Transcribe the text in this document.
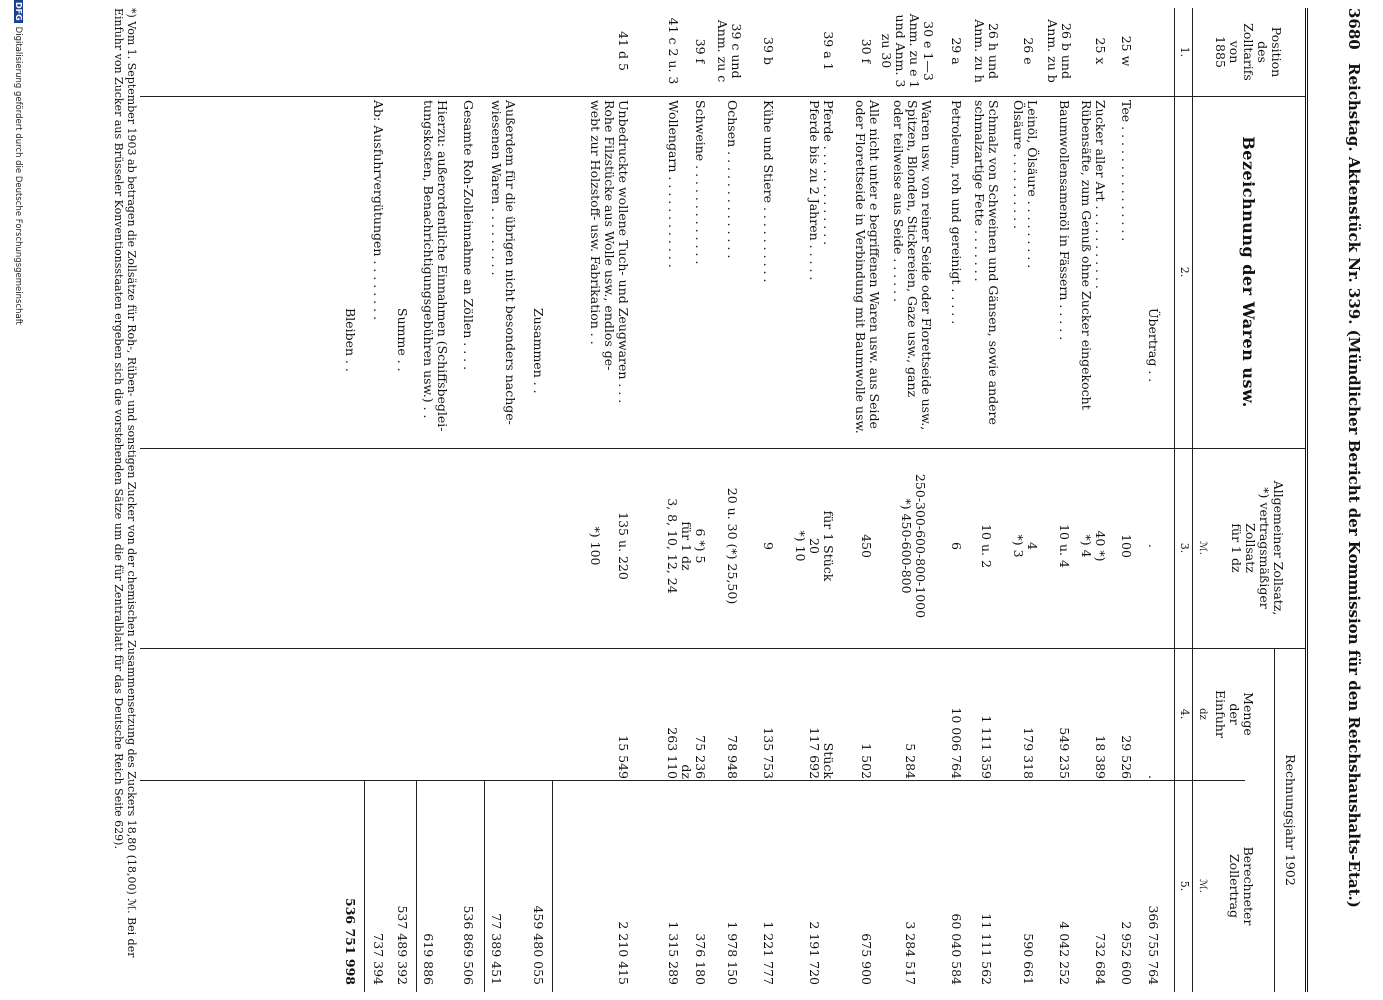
3680
Reichstag. Aktenstück Nr. 339. (Mündlicher Bericht der Kommission für den Reichshaushalts-Etat.)
Position
des
Zolltarifs
von
1885
Bezeichnung der Waren usw.
Allgemeiner Zollsatz,
*) vertragsmäßiger
Zollsatz
für 1 dz
Rechnungsjahr 1902
Menge
der
Einfuhr
Berechneter
Zollertrag
1.
2.
3.
4.
5.
ℳ.
dz
ℳ.
Übertrag . .
.
.
366 755 764
25 w
Tee . . . . . . . . . . . . . . .
100
29 526
2 952 600
25 x
Zucker aller Art . . . . . . . . . . .
Rübensäfte, zum Genuß ohne Zucker eingekocht
40 *)
*) 4
18 389
732 684
26 b und
Anm. zu b
Baumwollensamenöl in Fässern . . . . .
10 u. 4
549 235
4 042 252
26 e
Leinöl, Ölsäure . . . . . . . . .
Ölsäure . . . . . . . . . .
4
*) 3
179 318
590 661
26 h und
Anm. zu h
Schmalz von Schweinen und Gänsen, sowie andere
schmalzartige Fette . . . . . . .
10 u. 2
1 111 359
11 111 562
29 a
Petroleum, roh und gereinigt . . . . .
6
10 006 764
60 040 584
30 e 1—3
Anm. zu e 1
und Anm. 3
zu 30
Waren usw. von reiner Seide oder Florettseide usw.,
Spitzen, Blonden, Stickereien, Gaze usw., ganz
oder teilweise aus Seide . . . . . .
250-300-600-800-1000
*) 450-600-800
5 284
3 284 517
30 f
Alle nicht unter e begriffenen Waren usw. aus Seide
oder Florettseide in Verbindung mit Baumwolle usw.
450
1 502
675 900
39 a 1
Pferde . . . . . . . . . . . . .
Pferde bis zu 2 Jahren . . . . .
für 1 Stück
20
*) 10
Stück
117 692
2 191 720
39 b
Kühe und Stiere . . . . . . . . . .
9
135 753
1 221 777
39 c und
Anm. zu c
Ochsen . . . . . . . . . . . . . .
20 u. 30 (*) 25,50)
78 948
1 978 150
39 f
Schweine . . . . . . . . . . . . .
6 *) 5
75 236
376 180
41 c 2 u. 3
Wollengarn . . . . . . . . . . . .
für 1 dz
3, 8, 10, 12, 24
dz
263 110
1 315 289
41 d 5
Unbedruckte wollene Tuch- und Zeugwaren . . .
Rohe Filzstücke aus Wolle usw., endlos ge-
webt zur Holzstoff- usw. Fabrikation . .
135 u. 220

*) 100
15 549
2 210 415
Zusammen . .
459 480 055
Außerdem für die übrigen nicht besonders nachge-
wiesenen Waren . . . . . . . . .
77 389 451
Gesamte Roh-Zolleinnahme an Zöllen . . . .
536 869 506
Hierzu: außerordentliche Einnahmen (Schiffsbeglei-
tungskosten, Benachrichtigungsgebühren usw.) . .
619 886
Summe . .
537 489 392
Ab: Ausfuhrvergütungen . . . . . . . .
737 394
Bleiben . .
536 751 998
*) Vom 1. September 1903 ab betragen die Zollsätze für Roh-, Rüben- und sonstigen Zucker von der chemischen Zusammensetzung des Zuckers 18,80 (18,00) ℳ. Bei der Einfuhr von Zucker aus Brüsseler Konventionsstaaten ergeben sich die vorstehenden Sätze um die für Zentralblatt für das Deutsche Reich Seite 629).
DFGDigitalisierung gefördert durch die Deutsche Forschungsgemeinschaft
